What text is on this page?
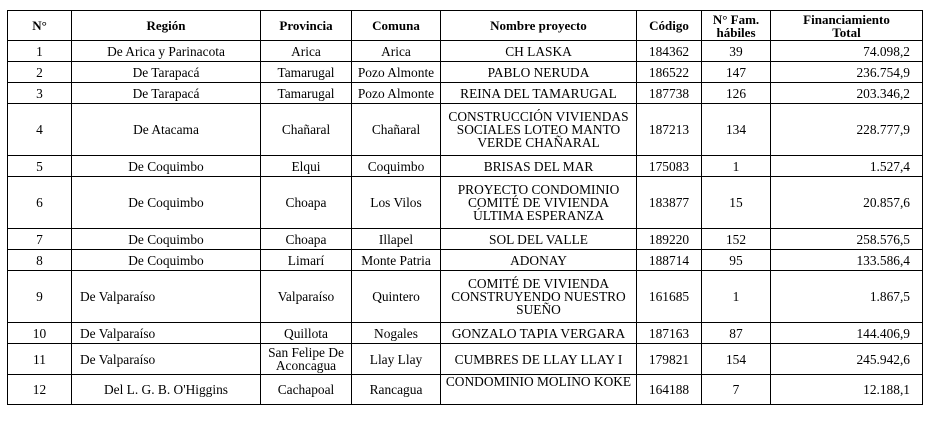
N°	Región	Provincia	Comuna	Nombre proyecto	Código	N° Fam.
hábiles	Financiamiento
Total

1	De Arica y Parinacota	Arica	Arica	CH LASKA	184362	39	74.098,2

2	De Tarapacá	Tamarugal	Pozo Almonte	PABLO NERUDA	186522	147	236.754,9

3	De Tarapacá	Tamarugal	Pozo Almonte	REINA DEL TAMARUGAL	187738	126	203.346,2

4	De Atacama	Chañaral	Chañaral	CONSTRUCCIÓN VIVIENDAS
SOCIALES LOTEO MANTO
VERDE CHAÑARAL	187213	134	228.777,9

5	De Coquimbo	Elqui	Coquimbo	BRISAS DEL MAR	175083	1	1.527,4

6	De Coquimbo	Choapa	Los Vilos	PROYECTO CONDOMINIO
COMITÉ DE VIVIENDA
ÚLTIMA ESPERANZA	183877	15	20.857,6

7	De Coquimbo	Choapa	Illapel	SOL DEL VALLE	189220	152	258.576,5

8	De Coquimbo	Limarí	Monte Patria	ADONAY	188714	95	133.586,4

9	De Valparaíso	Valparaíso	Quintero	COMITÉ DE VIVIENDA
CONSTRUYENDO NUESTRO
SUEÑO	161685	1	1.867,5

10	De Valparaíso	Quillota	Nogales	GONZALO TAPIA VERGARA	187163	87	144.406,9

11	De Valparaíso	San Felipe De
Aconcagua	Llay Llay	CUMBRES DE LLAY LLAY I	179821	154	245.942,6

12	Del L. G. B. O'Higgins	Cachapoal	Rancagua	CONDOMINIO MOLINO KOKE	164188	7	12.188,1
